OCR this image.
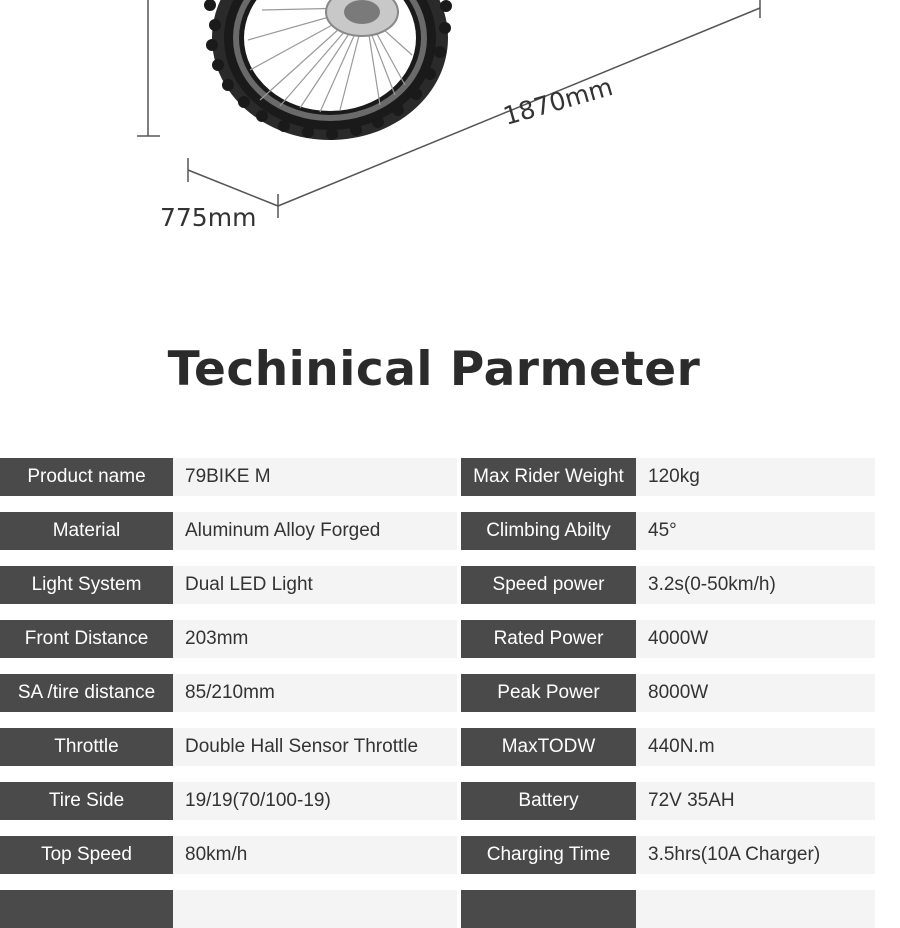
1870mm
775mm
Techinical Parmeter
Product name	79BIKE M	Max Rider Weight	120kg
Material	Aluminum Alloy Forged	Climbing Abilty	45°
Light System	Dual LED Light	Speed power	3.2s(0-50km/h)
Front Distance	203mm	Rated Power	4000W
SA /tire distance	85/210mm	Peak Power	8000W
Throttle	Double Hall Sensor Throttle	MaxTODW	440N.m
Tire Side	19/19(70/100-19)	Battery	72V 35AH
Top Speed	80km/h	Charging Time	3.5hrs(10A Charger)
